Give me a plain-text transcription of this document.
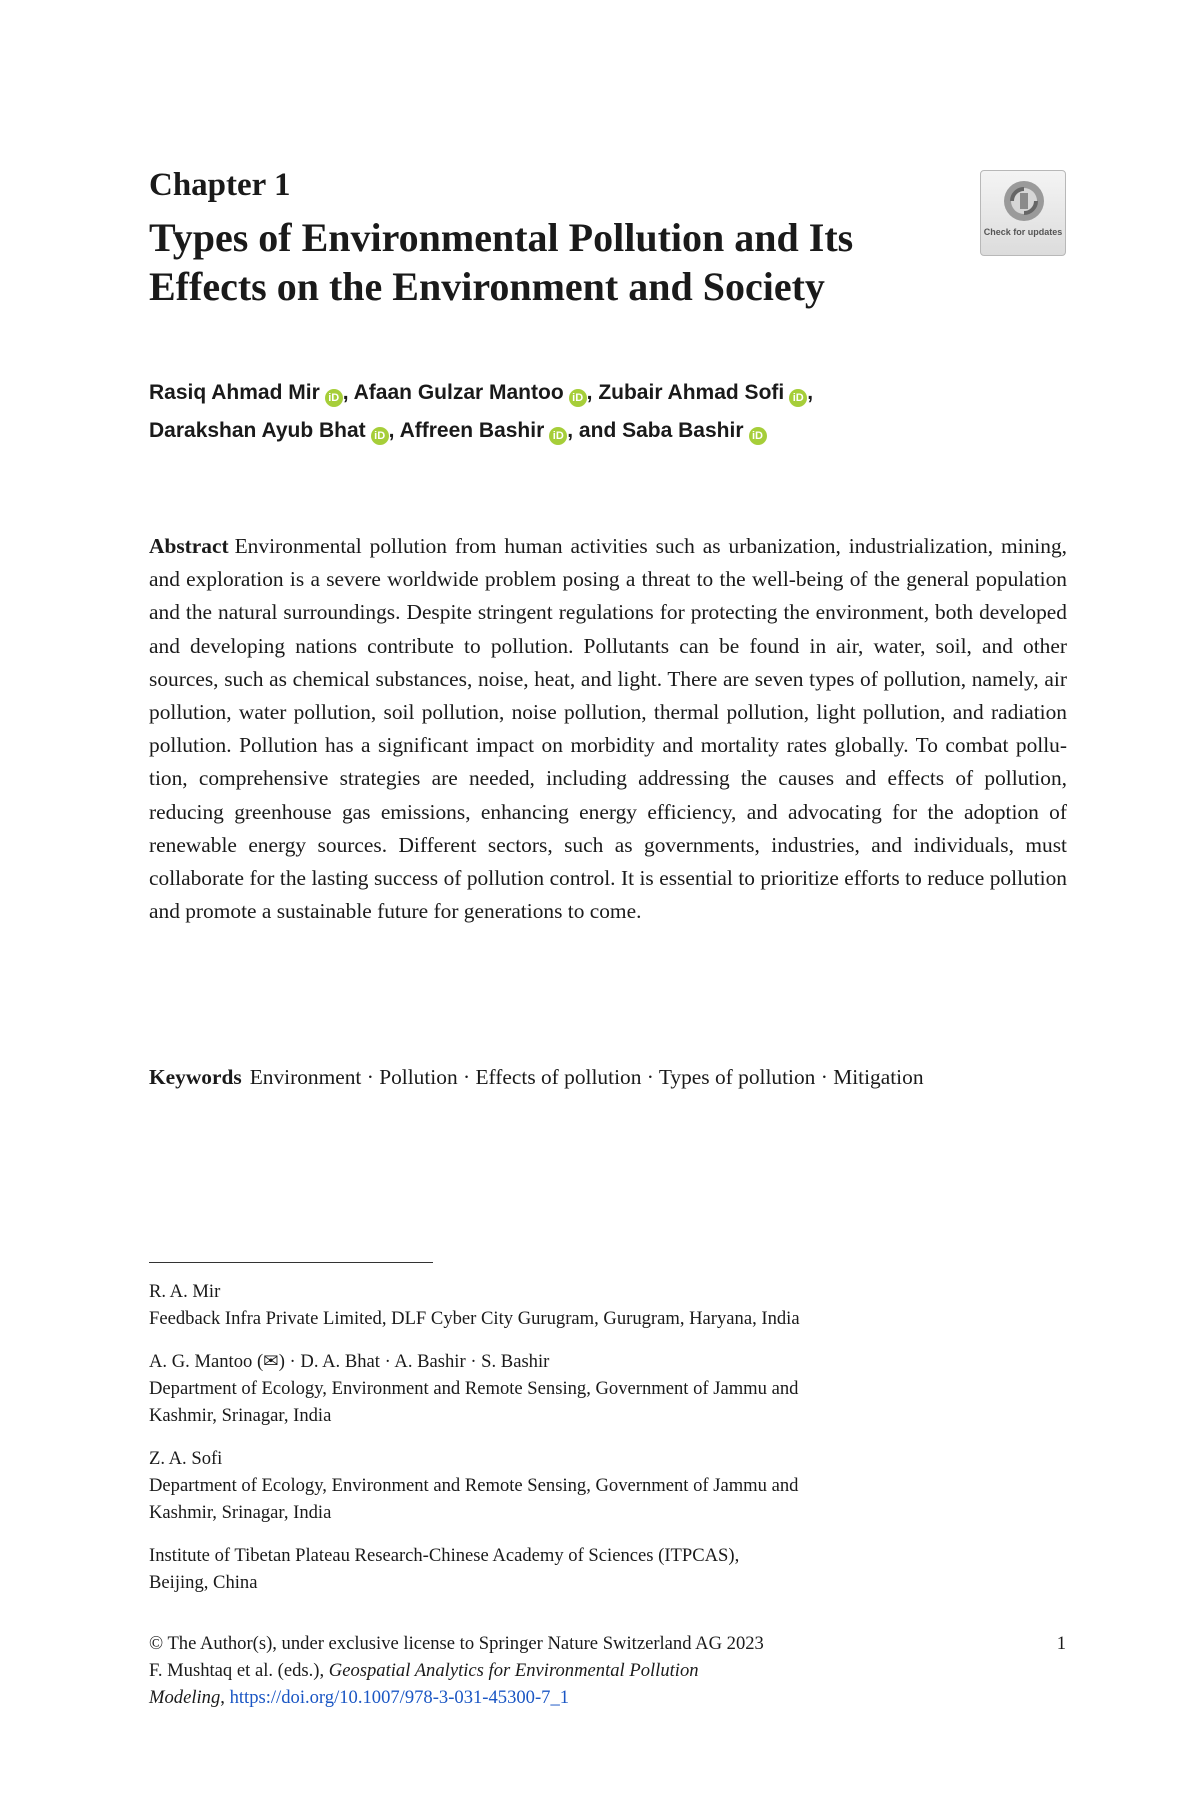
Chapter 1
Types of Environmental Pollution and Its
Effects on the Environment and Society
Check for updates
Rasiq Ahmad Mir iD , Afaan Gulzar Mantoo iD , Zubair Ahmad Sofi iD ,
Darakshan Ayub Bhat iD , Affreen Bashir iD , and Saba Bashir iD

Abstract Environmental pollution from human activities such as urbanization, industrialization, mining, and exploration is a severe worldwide problem posing a threat to the well-being of the general population and the natural surroundings. Despite stringent regulations for protecting the environment, both developed and developing nations contribute to pollution. Pollutants can be found in air, water, soil, and other sources, such as chemical substances, noise, heat, and light. There are seven types of pollution, namely, air pollution, water pollution, soil pollution, noise pollution, thermal pollution, light pollution, and radiation pollution. Pollution has a significant impact on morbidity and mortality rates globally. To combat pollution, comprehensive strategies are needed, including addressing the causes and effects of pollution, reducing greenhouse gas emissions, enhancing energy efficiency, and advocating for the adoption of renewable energy sources. Different sectors, such as governments, industries, and individuals, must collaborate for the lasting success of pollution control. It is essential to prioritize efforts to reduce pollution and promote a sustainable future for generations to come.

Keywords Environment · Pollution · Effects of pollution · Types of pollution · Mitigation

R. A. Mir
Feedback Infra Private Limited, DLF Cyber City Gurugram, Gurugram, Haryana, India
A. G. Mantoo (✉) · D. A. Bhat · A. Bashir · S. Bashir
Department of Ecology, Environment and Remote Sensing, Government of Jammu and
Kashmir, Srinagar, India
Z. A. Sofi
Department of Ecology, Environment and Remote Sensing, Government of Jammu and
Kashmir, Srinagar, India
Institute of Tibetan Plateau Research-Chinese Academy of Sciences (ITPCAS),
Beijing, China
© The Author(s), under exclusive license to Springer Nature Switzerland AG 2023
F. Mushtaq et al. (eds.), Geospatial Analytics for Environmental Pollution
Modeling, https://doi.org/10.1007/978-3-031-45300-7_1
1
